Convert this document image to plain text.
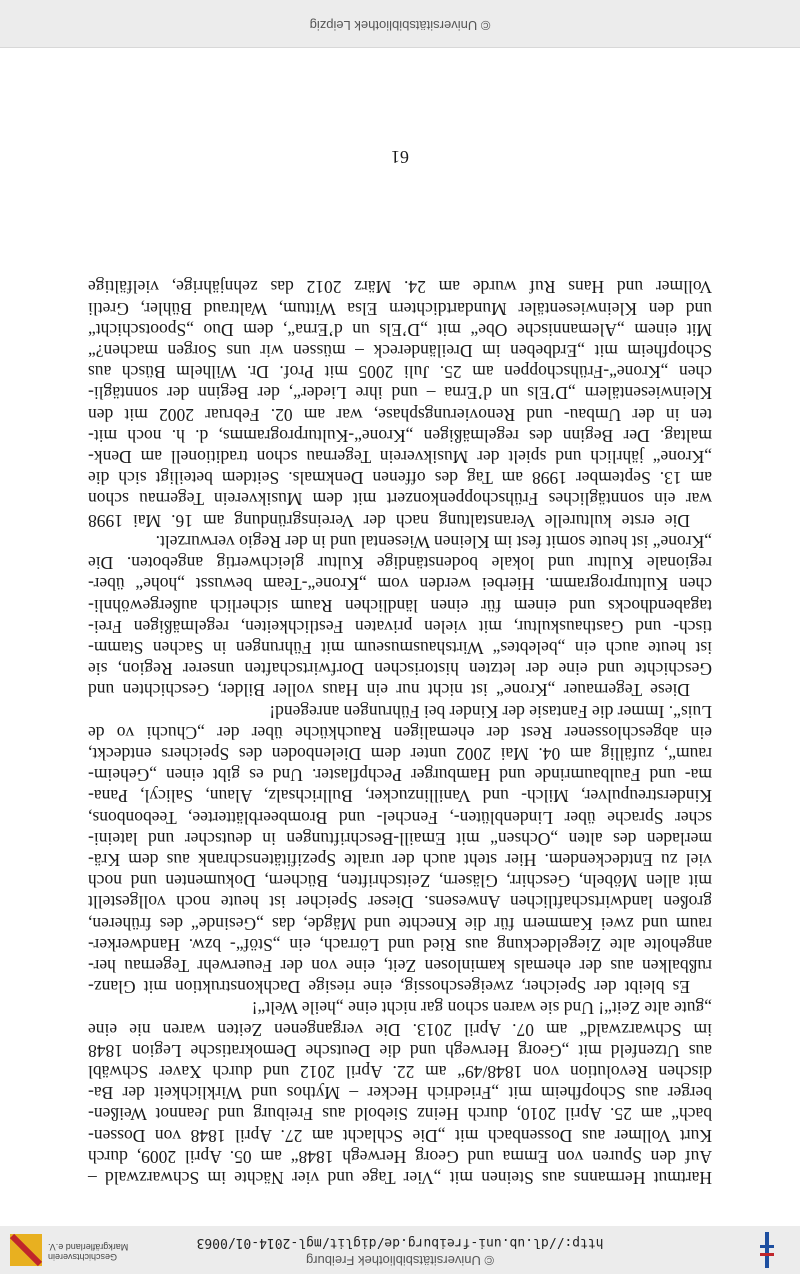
© Universitätsbibliothek Freiburg
http://dl.ub.uni-freiburg.de/diglit/mgl-2014-01/0063
Geschichtsverein
Markgräflerland e.V.

Hartmut Hermanns aus Steinen mit „Vier Tage und vier Nächte im Schwarzwald –

Auf den Spuren von Emma und Georg Herwegh 1848“ am 05. April 2009, durch

Kurt Vollmer aus Dossenbach mit „Die Schlacht am 27. April 1848 von Dossen-

bach“ am 25. April 2010, durch Heinz Siebold aus Freiburg und Jeannot Weißen-

berger aus Schopfheim mit „Friedrich Hecker – Mythos und Wirklichkeit der Ba-

dischen Revolution von 1848/49“ am 22. April 2012 und durch Xaver Schwäbl

aus Utzenfeld mit „Georg Herwegh und die Deutsche Demokratische Legion 1848

im Schwarzwald“ am 07. April 2013. Die vergangenen Zeiten waren nie eine

„gute alte Zeit“! Und sie waren schon gar nicht eine „heile Welt“!

Es bleibt der Speicher, zweigeschossig, eine riesige Dachkonstruktion mit Glanz-

rußbalken aus der ehemals kaminlosen Zeit, eine von der Feuerwehr Tegernau her-

angeholte alte Ziegeldeckung aus Ried und Lörrach, ein „Stöf“- bzw. Handwerker-

raum und zwei Kammern für die Knechte und Mägde, das „Gesinde“ des früheren,

großen landwirtschaftlichen Anwesens. Dieser Speicher ist heute noch vollgestellt

mit allen Möbeln, Geschirr, Gläsern, Zeitschriften, Büchern, Dokumenten und noch

viel zu Entdeckendem. Hier steht auch der uralte Spezifitätenschrank aus dem Krä-

merladen des alten „Ochsen“ mit Emaill-Beschriftungen in deutscher und lateini-

scher Sprache über Lindenblüten-, Fenchel- und Brombeerblättertee, Teebonbons,

Kinderstreupulver, Milch- und Vanillinzucker, Bullrichsalz, Alaun, Salicyl, Pana-

ma- und Faulbaumrinde und Hamburger Pechpflaster. Und es gibt einen „Geheim-

raum“, zufällig am 04. Mai 2002 unter dem Dielenboden des Speichers entdeckt,

ein abgeschlossener Rest der ehemaligen Rauchküche über der „Chuchi vo de

Luis“. Immer die Fantasie der Kinder bei Führungen anregend!

Diese Tegernauer „Krone“ ist nicht nur ein Haus voller Bilder, Geschichten und

Geschichte und eine der letzten historischen Dorfwirtschaften unserer Region, sie

ist heute auch ein „belebtes“ Wirtshausmuseum mit Führungen in Sachen Stamm-

tisch- und Gasthauskultur, mit vielen privaten Festlichkeiten, regelmäßigen Frei-

tagabendhocks und einem für einen ländlichen Raum sicherlich außergewöhnli-

chen Kulturprogramm. Hierbei werden vom „Krone“-Team bewusst „hohe“ über-

regionale Kultur und lokale bodenständige Kultur gleichwertig angeboten. Die

„Krone“ ist heute somit fest im Kleinen Wiesental und in der Regio verwurzelt.

Die erste kulturelle Veranstaltung nach der Vereinsgründung am 16. Mai 1998

war ein sonntägliches Frühschoppenkonzert mit dem Musikverein Tegernau schon

am 13. September 1998 am Tag des offenen Denkmals. Seitdem beteiligt sich die

„Krone“ jährlich und spielt der Musikverein Tegernau schon traditionell am Denk-

maltag. Der Beginn des regelmäßigen „Krone“-Kulturprogramms, d. h. noch mit-

ten in der Umbau- und Renovierungsphase, war am 02. Februar 2002 mit den

Kleinwiesentälern „D’Els un d’Erna – und ihre Lieder“, der Beginn der sonntägli-

chen „Krone“-Frühschoppen am 25. Juli 2005 mit Prof. Dr. Wilhelm Büsch aus

Schopfheim mit „Erdbeben im Dreiländereck – müssen wir uns Sorgen machen?“

Mit einem „Alemannische Obe“ mit „D’Els un d’Erna“, dem Duo „Spootschicht“

und den Kleinwiesentäler Mundartdichtern Elsa Wittum, Waltraud Bühler, Gretli

Vollmer und Hans Ruf wurde am 24. März 2012 das zehnjährige, vielfältige

61
© Universitätsbibliothek Leipzig
